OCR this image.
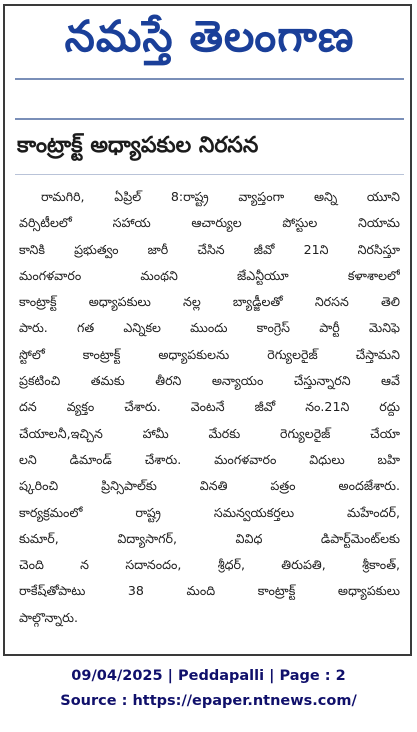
నమస్తే తెలంగాణ
కాంట్రాక్ట్ అధ్యాపకుల నిరసన
రామగిరి, ఏప్రిల్ 8:రాష్ట్ర వ్యాప్తంగా అన్ని యూని
వర్సిటీలలో సహాయ ఆచార్యుల పోస్టుల నియామ
కానికి ప్రభుత్వం జారీ చేసిన జీవో 21ని నిరసిస్తూ
మంగళవారం మంథని జేఎన్టీయూ కళాశాలలో
కాంట్రాక్ట్ అధ్యాపకులు నల్ల బ్యాడ్జీలతో నిరసన తెలి
పారు. గత ఎన్నికల ముందు కాంగ్రెస్ పార్టీ మెనిఫె
స్టోలో కాంట్రాక్ట్ అధ్యాపకులను రెగ్యులరైజ్ చేస్తామని
ప్రకటించి తమకు తీరని అన్యాయం చేస్తున్నారని ఆవే
దన వ్యక్తం చేశారు. వెంటనే జీవో నం.21ని రద్దు
చేయాలనీ,ఇచ్చిన హామీ మేరకు రెగ్యులరైజ్ చేయా
లని డిమాండ్ చేశారు. మంగళవారం విధులు బహి
ష్కరించి ప్రిన్సిపాల్‌కు వినతి పత్రం అందజేశారు.
కార్యక్రమంలో రాష్ట్ర సమన్వయకర్తలు మహేందర్,
కుమార్, విద్యాసాగర్, వివిధ డిపార్ట్‌మెంట్‌లకు
చెంది న సదానందం, శ్రీధర్, తిరుపతి, శ్రీకాంత్,
రాకేష్‌తోపాటు 38 మంది కాంట్రాక్ట్ అధ్యాపకులు
పాల్గొన్నారు.
09/04/2025 | Peddapalli | Page : 2
Source : https://epaper.ntnews.com/
